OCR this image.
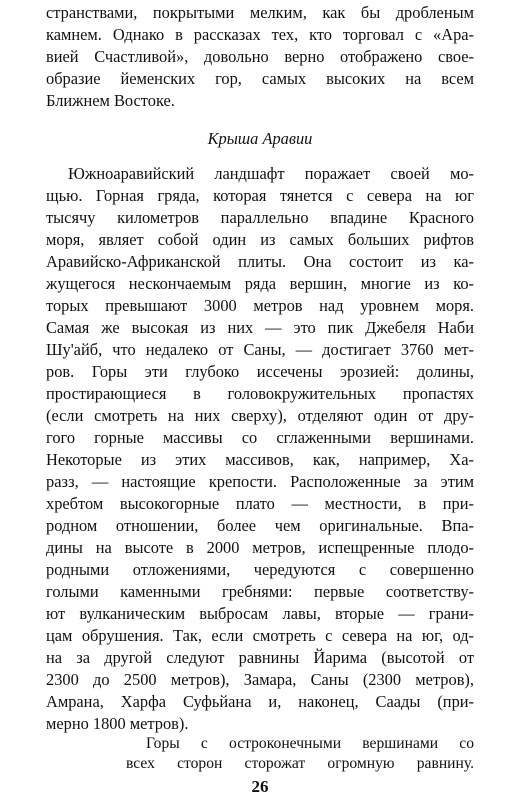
странствами, покрытыми мелким, как бы дробленым
камнем. Однако в рассказах тех, кто торговал с «Ара-
вией Счастливой», довольно верно отображено свое-
образие йеменских гор, самых высоких на всем
Ближнем Востоке.
Крыша Аравии
Южноаравийский ландшафт поражает своей мо-
щью. Горная гряда, которая тянется с севера на юг
тысячу километров параллельно впадине Красного
моря, являет собой один из самых больших рифтов
Аравийско-Африканской плиты. Она состоит из ка-
жущегося нескончаемым ряда вершин, многие из ко-
торых превышают 3000 метров над уровнем моря.
Самая же высокая из них — это пик Джебеля Наби
Шу'айб, что недалеко от Саны, — достигает 3760 мет-
ров. Горы эти глубоко иссечены эрозией: долины,
простирающиеся в головокружительных пропастях
(если смотреть на них сверху), отделяют один от дру-
гого горные массивы со сглаженными вершинами.
Некоторые из этих массивов, как, например, Ха-
разз, — настоящие крепости. Расположенные за этим
хребтом высокогорные плато — местности, в при-
родном отношении, более чем оригинальные. Впа-
дины на высоте в 2000 метров, испещренные плодо-
родными отложениями, чередуются с совершенно
голыми каменными гребнями: первые соответству-
ют вулканическим выбросам лавы, вторые — грани-
цам обрушения. Так, если смотреть с севера на юг, од-
на за другой следуют равнины Йарима (высотой от
2300 до 2500 метров), Замара, Саны (2300 метров),
Амрана, Харфа Суфьйана и, наконец, Саады (при-
мерно 1800 метров).
Горы с остроконечными вершинами со
всех сторон сторожат огромную равнину.
26
